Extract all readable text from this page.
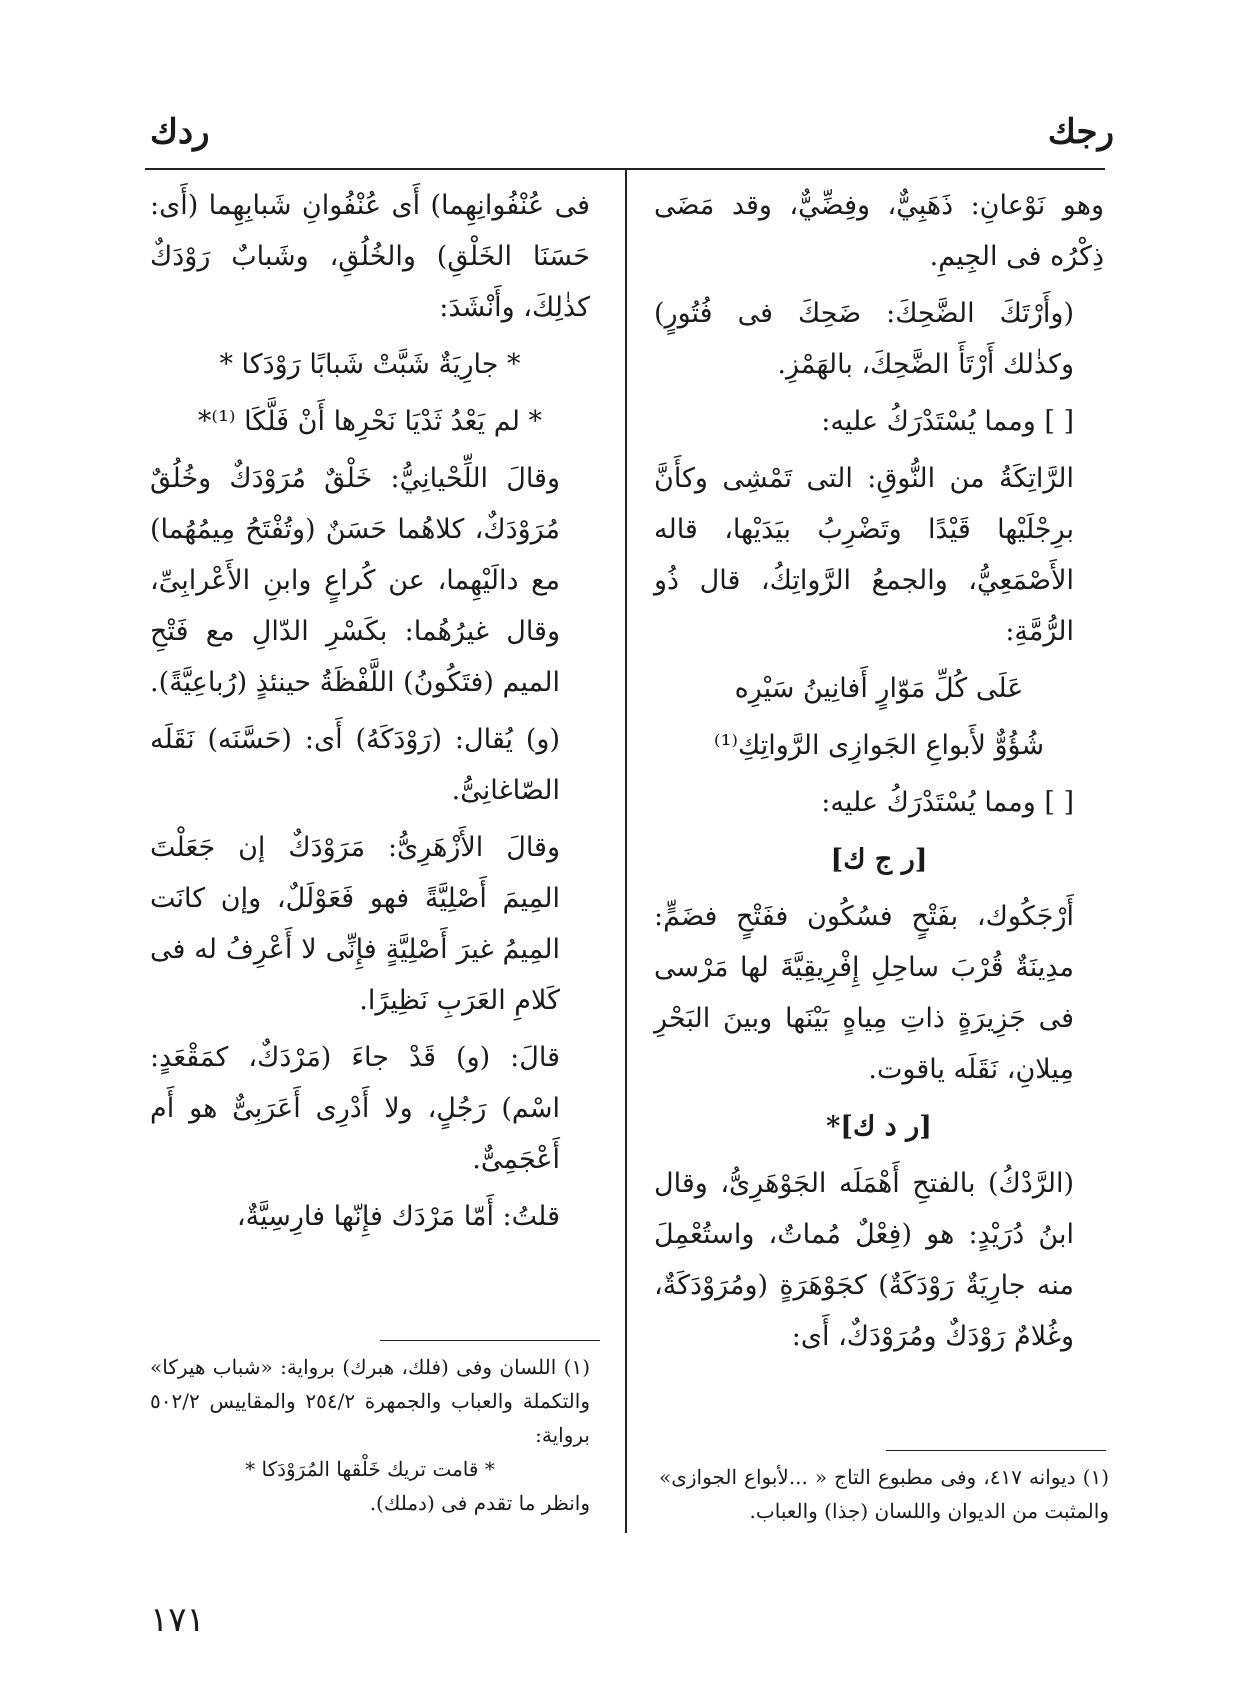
رجك
ردك

وهو نَوْعانِ: ذَهَبِيٌّ، وفِضِّيٌّ، وقد مَضَى ذِكْرُه فى الجِيمِ.

(وأَرْتَكَ الضَّحِكَ: ضَحِكَ فى فُتُورٍ) وكذٰلك أَرْتَأَ الضَّحِكَ، بالهَمْزِ.

[ ] ومما يُسْتَدْرَكُ عليه:

الرَّاتِكَةُ من النُّوقِ: التى تَمْشِى وكأَنَّ برِجْلَيْها قَيْدًا وتَضْرِبُ بيَدَيْها، قاله الأَصْمَعِيُّ، والجمعُ الرَّواتِكُ، قال ذُو الرُّمَّةِ:

عَلَى كُلِّ مَوّارٍ أَفانِينُ سَيْرِه

شُؤُوٌّ لأَبواعِ الجَوازِى الرَّواتِكِ⁽¹⁾

[ ] ومما يُسْتَدْرَكُ عليه:

[ر ج ك]

أَرْجَكُوك، بفَتْحٍ فسُكُون ففَتْحٍ فضَمٍّ: مدِينَةٌ قُرْبَ ساحِلِ إِفْرِيقِيَّةَ لها مَرْسى فى جَزِيرَةٍ ذاتِ مِياهٍ بَيْنَها وبينَ البَحْرِ مِيلانِ، نَقَلَه ياقوت.

[ر د ك]*

(الرَّدْكُ) بالفتحِ أَهْمَلَه الجَوْهَرِىُّ، وقال ابنُ دُرَيْدٍ: هو (فِعْلٌ مُماتٌ، واستُعْمِلَ منه جارِيَةٌ رَوْدَكَةٌ) كجَوْهَرَةٍ (ومُرَوْدَكَةٌ، وغُلامٌ رَوْدَكٌ ومُرَوْدَكٌ، أَى:

فى عُنْفُوانِهِما) أَى عُنْفُوانِ شَبابِهِما (أَى: حَسَنَا الخَلْقِ) والخُلُقِ، وشَبابٌ رَوْدَكٌ كذٰلِكَ، وأَنْشَدَ:

* جارِيَةٌ شَبَّتْ شَبابًا رَوْدَكا *

* لم يَعْدُ ثَدْيَا نَحْرِها أَنْ فَلَّكَا ⁽¹⁾*

وقالَ اللِّحْيانِيُّ: خَلْقٌ مُرَوْدَكٌ وخُلُقٌ مُرَوْدَكٌ، كلاهُما حَسَنٌ (وتُفْتَحُ مِيمُهُما) مع دالَيْهِما، عن كُراعٍ وابنِ الأَعْرابِىِّ، وقال غيرُهُما: بكَسْرِ الدّالِ مع فَتْحِ الميم (فتَكُونُ) اللَّفْظَةُ حينئذٍ (رُباعِيَّةً).

(و) يُقال: (رَوْدَكَهُ) أَى: (حَسَّنَه) نَقَلَه الصّاغانِىُّ.

وقالَ الأَزْهَرِىُّ: مَرَوْدَكٌ إن جَعَلْتَ المِيمَ أَصْلِيَّةً فهو فَعَوْلَلٌ، وإن كانَت المِيمُ غيرَ أَصْلِيَّةٍ فإِنِّى لا أَعْرِفُ له فى كَلامِ العَرَبِ نَظِيرًا.

قالَ: (و) قَدْ جاءَ (مَرْدَكٌ، كمَقْعَدٍ: اسْم) رَجُلٍ، ولا أَدْرِى أَعَرَبِىٌّ هو أَم أَعْجَمِىٌّ.

قلتُ: أَمّا مَرْدَك فإِنّها فارِسِيَّةٌ،

(١) ديوانه ٤١٧، وفى مطبوع التاج « ...لأبواع الجوازى» والمثبت من الديوان واللسان (جذا) والعباب.

(١) اللسان وفى (فلك، هبرك) برواية: «شباب هيركا» والتكملة والعباب والجمهرة ٢٥٤/٢ والمقاييس ٥٠٢/٢ برواية:

* قامت تريك خَلْقها المُرَوْدَكا *

وانظر ما تقدم فى (دملك).

١٧١
